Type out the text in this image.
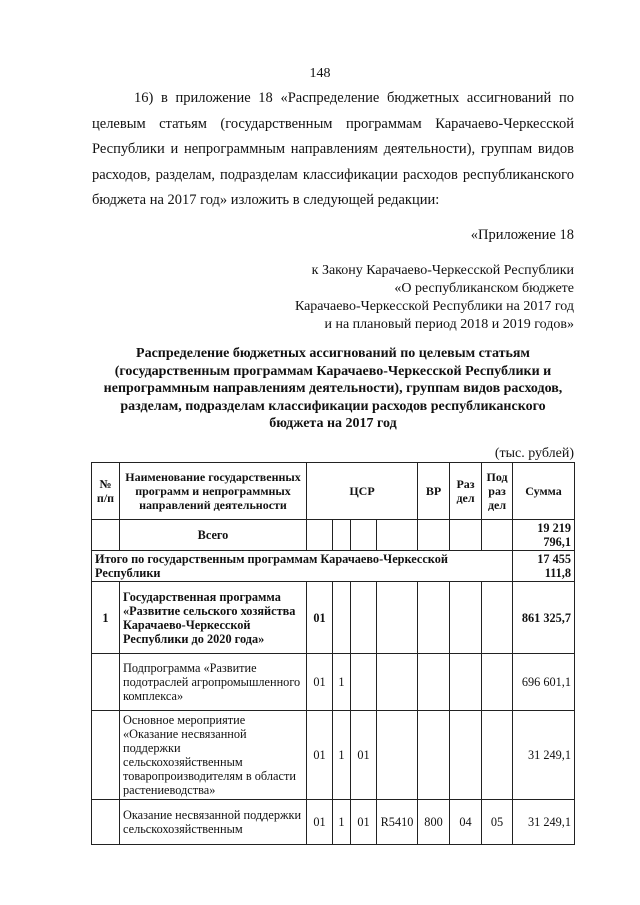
148

16) в приложение 18 «Распределение бюджетных ассигнований по целевым статьям (государственным программам Карачаево-Черкесской Республики и непрограммным направлениям деятельности), группам видов расходов, разделам, подразделам классификации расходов республиканского бюджета на 2017 год» изложить в следующей редакции:

«Приложение 18
к Закону Карачаево-Черкесской Республики
«О республиканском бюджете
Карачаево-Черкесской Республики на 2017 год
и на плановый период 2018 и 2019 годов»

Распределение бюджетных ассигнований по целевым статьям (государственным программам Карачаево-Черкесской Республики и непрограммным направлениям деятельности), группам видов расходов, разделам, подразделам классификации расходов республиканского бюджета на 2017 год

(тыс. рублей)
№ п/п	Наименование государственных программ и непрограммных направлений деятельности	ЦСР				ВР	Раз дел	Под раз дел	Сумма
	Всего								19 219 796,1
Итого по государственным программам Карачаево-Черкесской Республики									17 455 111,8
1	Государственная программа «Развитие сельского хозяйства Карачаево-Черкесской Республики до 2020 года»	01							861 325,7
	Подпрограмма «Развитие подотраслей агропромышленного комплекса»	01	1						696 601,1
	Основное мероприятие «Оказание несвязанной поддержки сельскохозяйственным товаропроизводителям в области растениеводства»	01	1	01					31 249,1
	Оказание несвязанной поддержки сельскохозяйственным	01	1	01	R5410	800	04	05	31 249,1
